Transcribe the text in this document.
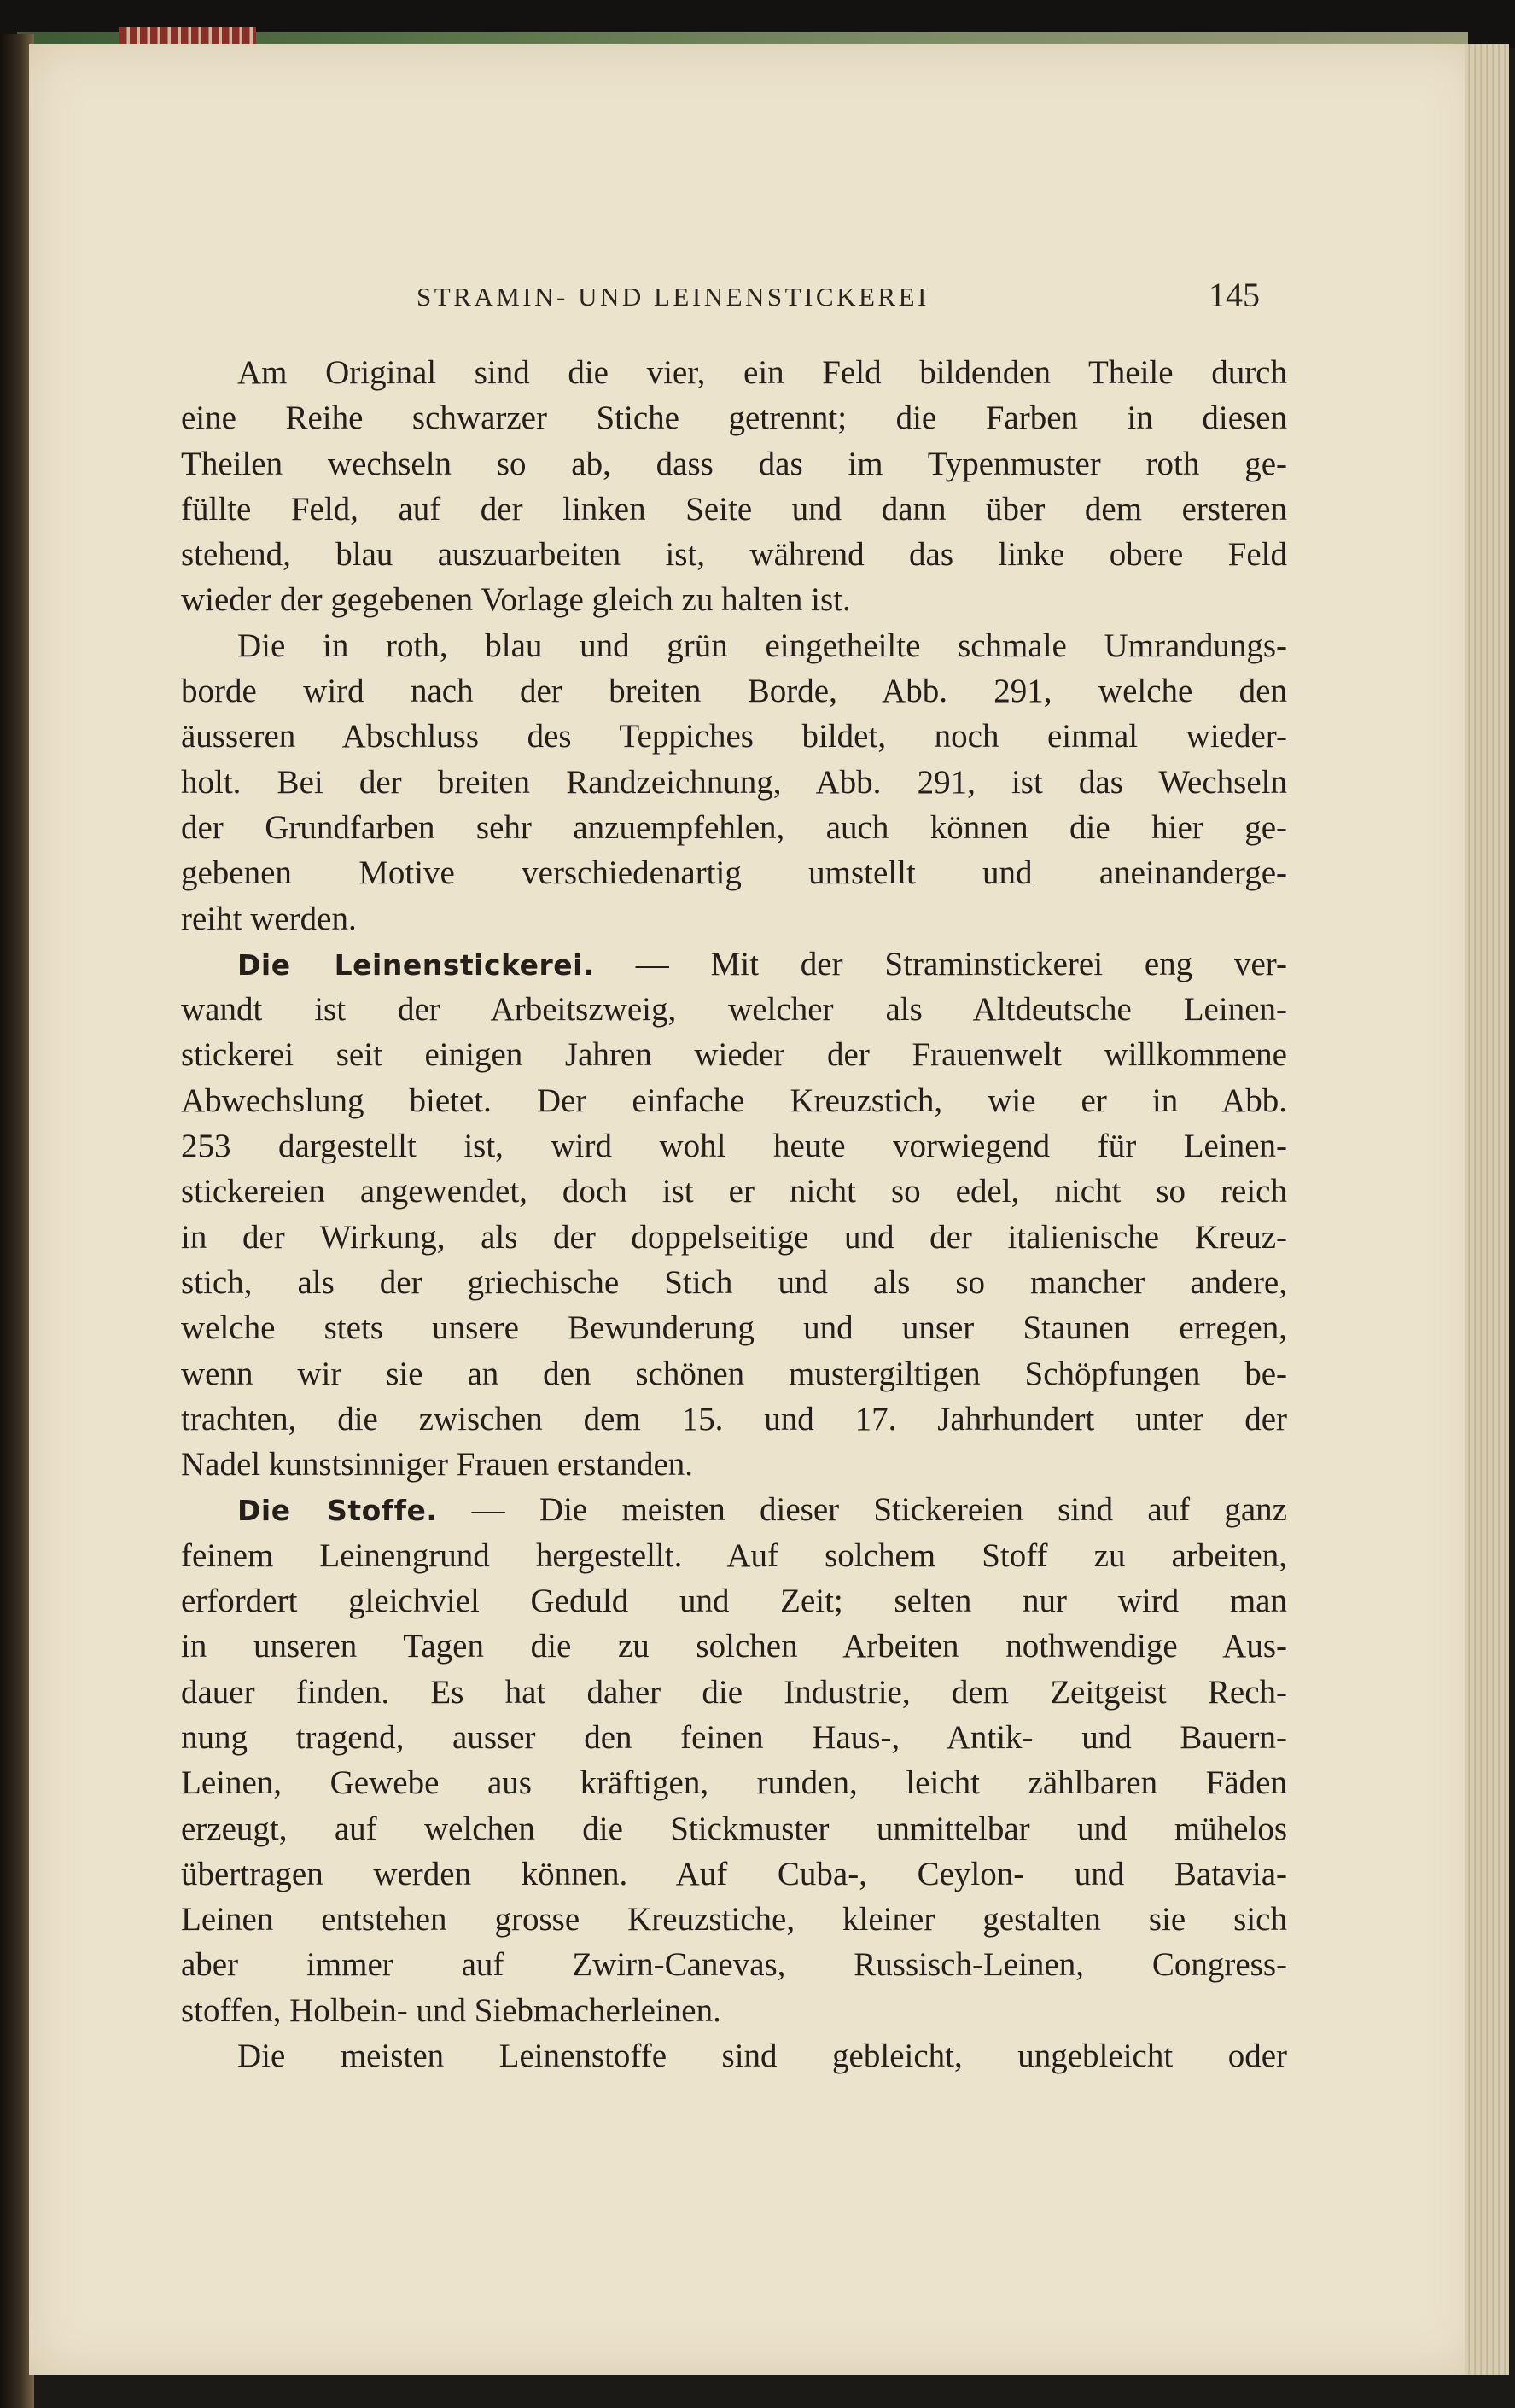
STRAMIN- UND LEINENSTICKEREI	145
Am Original sind die vier, ein Feld bildenden Theile durch
eine Reihe schwarzer Stiche getrennt; die Farben in diesen
Theilen wechseln so ab, dass das im Typenmuster roth ge-
füllte Feld, auf der linken Seite und dann über dem ersteren
stehend, blau auszuarbeiten ist, während das linke obere Feld
wieder der gegebenen Vorlage gleich zu halten ist.
Die in roth, blau und grün eingetheilte schmale Umrandungs-
borde wird nach der breiten Borde, Abb. 291, welche den
äusseren Abschluss des Teppiches bildet, noch einmal wieder-
holt. Bei der breiten Randzeichnung, Abb. 291, ist das Wechseln
der Grundfarben sehr anzuempfehlen, auch können die hier ge-
gebenen Motive verschiedenartig umstellt und aneinanderge-
reiht werden.
Die Leinenstickerei. — Mit der Straminstickerei eng ver-
wandt ist der Arbeitszweig, welcher als Altdeutsche Leinen-
stickerei seit einigen Jahren wieder der Frauenwelt willkommene
Abwechslung bietet. Der einfache Kreuzstich, wie er in Abb.
253 dargestellt ist, wird wohl heute vorwiegend für Leinen-
stickereien angewendet, doch ist er nicht so edel, nicht so reich
in der Wirkung, als der doppelseitige und der italienische Kreuz-
stich, als der griechische Stich und als so mancher andere,
welche stets unsere Bewunderung und unser Staunen erregen,
wenn wir sie an den schönen mustergiltigen Schöpfungen be-
trachten, die zwischen dem 15. und 17. Jahrhundert unter der
Nadel kunstsinniger Frauen erstanden.
Die Stoffe. — Die meisten dieser Stickereien sind auf ganz
feinem Leinengrund hergestellt. Auf solchem Stoff zu arbeiten,
erfordert gleichviel Geduld und Zeit; selten nur wird man
in unseren Tagen die zu solchen Arbeiten nothwendige Aus-
dauer finden. Es hat daher die Industrie, dem Zeitgeist Rech-
nung tragend, ausser den feinen Haus-, Antik- und Bauern-
Leinen, Gewebe aus kräftigen, runden, leicht zählbaren Fäden
erzeugt, auf welchen die Stickmuster unmittelbar und mühelos
übertragen werden können. Auf Cuba-, Ceylon- und Batavia-
Leinen entstehen grosse Kreuzstiche, kleiner gestalten sie sich
aber immer auf Zwirn-Canevas, Russisch-Leinen, Congress-
stoffen, Holbein- und Siebmacherleinen.
Die meisten Leinenstoffe sind gebleicht, ungebleicht oder
